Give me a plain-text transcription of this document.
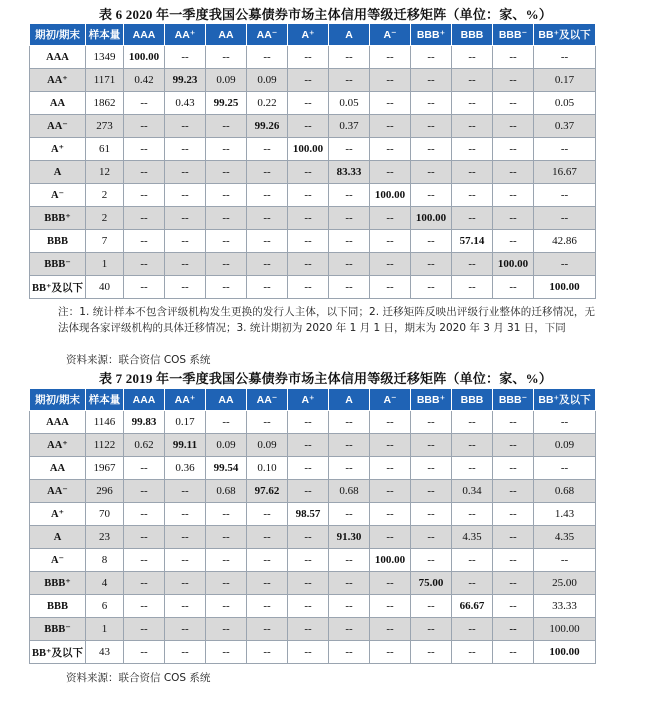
表 6 2020 年一季度我国公募债券市场主体信用等级迁移矩阵（单位：家、%）
期初/期末	样本量	AAA	AA⁺	AA	AA⁻	A⁺	A	A⁻	BBB⁺	BBB	BBB⁻	BB⁺及以下
AAA	1349	100.00	--	--	--	--	--	--	--	--	--	--
AA⁺	1171	0.42	99.23	0.09	0.09	--	--	--	--	--	--	0.17
AA	1862	--	0.43	99.25	0.22	--	0.05	--	--	--	--	0.05
AA⁻	273	--	--	--	99.26	--	0.37	--	--	--	--	0.37
A⁺	61	--	--	--	--	100.00	--	--	--	--	--	--
A	12	--	--	--	--	--	83.33	--	--	--	--	16.67
A⁻	2	--	--	--	--	--	--	100.00	--	--	--	--
BBB⁺	2	--	--	--	--	--	--	--	100.00	--	--	--
BBB	7	--	--	--	--	--	--	--	--	57.14	--	42.86
BBB⁻	1	--	--	--	--	--	--	--	--	--	100.00	--
BB⁺及以下	40	--	--	--	--	--	--	--	--	--	--	100.00
注：1. 统计样本不包含评级机构发生更换的发行人主体，以下同；2. 迁移矩阵反映出评级行业整体的迁移情况，无法体现各家评级机构的具体迁移情况；3. 统计期初为 2020 年 1 月 1 日，期末为 2020 年 3 月 31 日，下同
资料来源：联合资信 COS 系统
表 7 2019 年一季度我国公募债券市场主体信用等级迁移矩阵（单位：家、%）
期初/期末	样本量	AAA	AA⁺	AA	AA⁻	A⁺	A	A⁻	BBB⁺	BBB	BBB⁻	BB⁺及以下
AAA	1146	99.83	0.17	--	--	--	--	--	--	--	--	--
AA⁺	1122	0.62	99.11	0.09	0.09	--	--	--	--	--	--	0.09
AA	1967	--	0.36	99.54	0.10	--	--	--	--	--	--	--
AA⁻	296	--	--	0.68	97.62	--	0.68	--	--	0.34	--	0.68
A⁺	70	--	--	--	--	98.57	--	--	--	--	--	1.43
A	23	--	--	--	--	--	91.30	--	--	4.35	--	4.35
A⁻	8	--	--	--	--	--	--	100.00	--	--	--	--
BBB⁺	4	--	--	--	--	--	--	--	75.00	--	--	25.00
BBB	6	--	--	--	--	--	--	--	--	66.67	--	33.33
BBB⁻	1	--	--	--	--	--	--	--	--	--	--	100.00
BB⁺及以下	43	--	--	--	--	--	--	--	--	--	--	100.00
资料来源：联合资信 COS 系统
